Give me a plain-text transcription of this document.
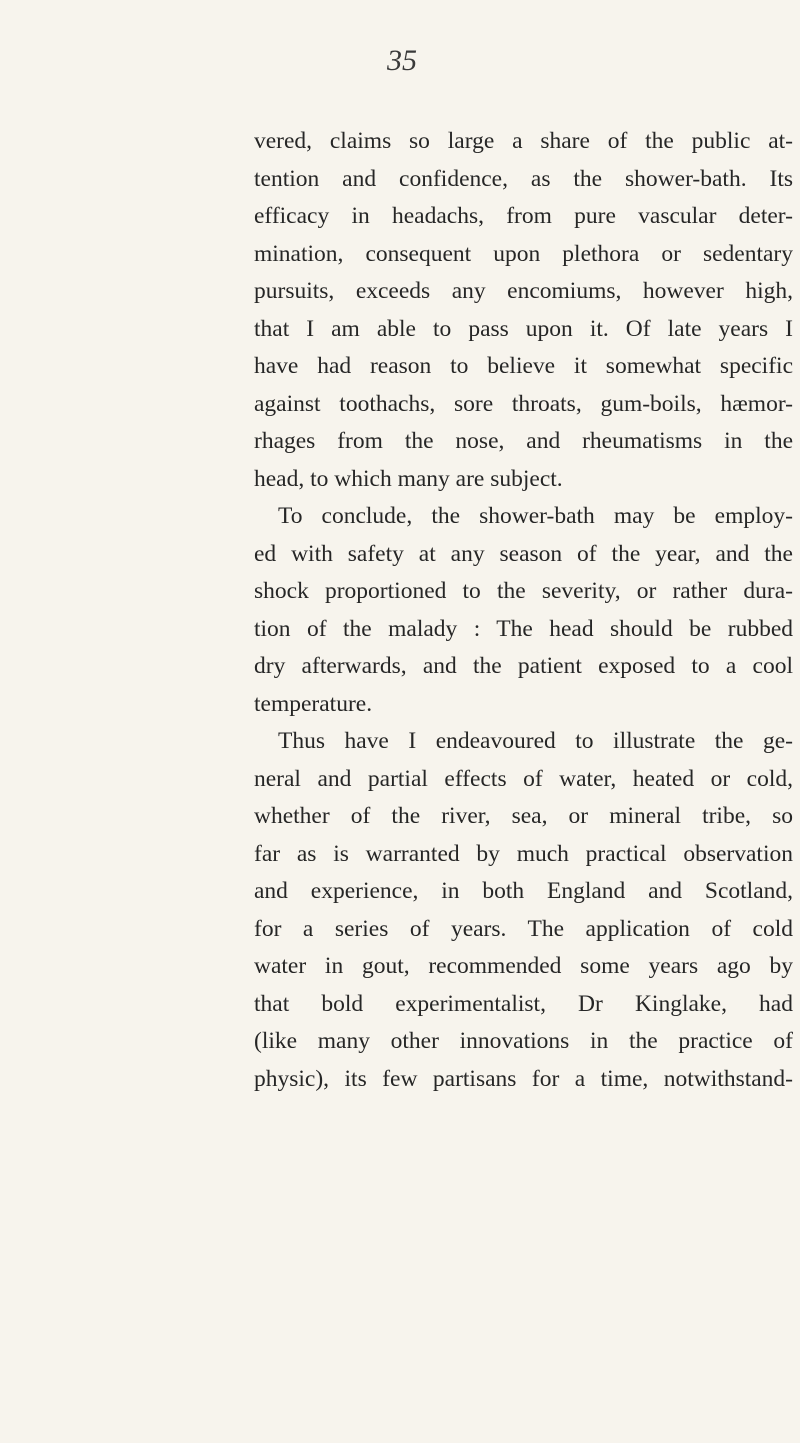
35
vered, claims so large a share of the public at-
tention and confidence, as the shower-bath. Its
efficacy in headachs, from pure vascular deter-
mination, consequent upon plethora or sedentary
pursuits, exceeds any encomiums, however high,
that I am able to pass upon it. Of late years I
have had reason to believe it somewhat specific
against toothachs, sore throats, gum-boils, hæmor-
rhages from the nose, and rheumatisms in the
head, to which many are subject.
To conclude, the shower-bath may be employ-
ed with safety at any season of the year, and the
shock proportioned to the severity, or rather dura-
tion of the malady : The head should be rubbed
dry afterwards, and the patient exposed to a cool
temperature.
Thus have I endeavoured to illustrate the ge-
neral and partial effects of water, heated or cold,
whether of the river, sea, or mineral tribe, so
far as is warranted by much practical observation
and experience, in both England and Scotland,
for a series of years. The application of cold
water in gout, recommended some years ago by
that bold experimentalist, Dr Kinglake, had
(like many other innovations in the practice of
physic), its few partisans for a time, notwithstand-
